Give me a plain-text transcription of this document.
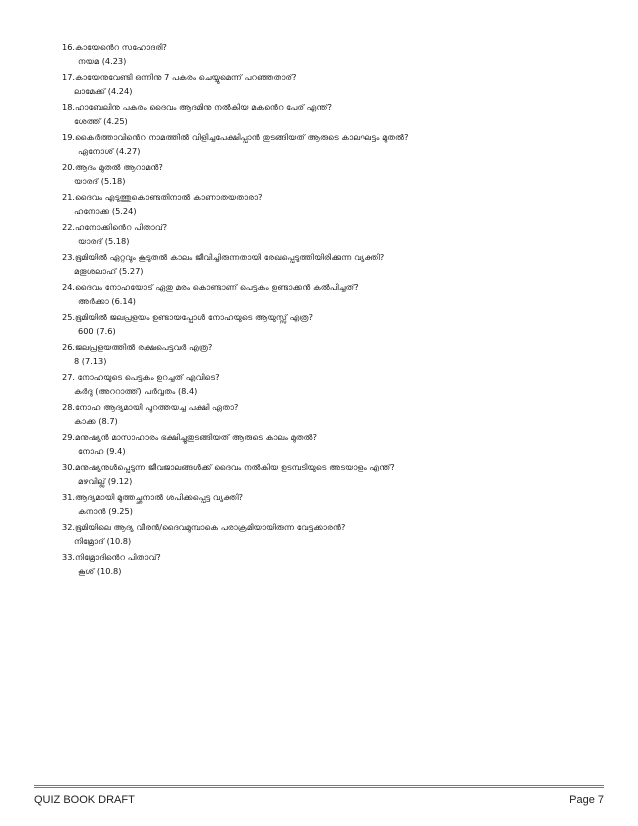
16.കായേൻെറ സഹോദരി?
നയമ (4.23)
17.കായേനുവേണ്ടി ഒന്നിനു 7 പകരം ചെയ്യുമെന്ന് പറഞ്ഞതാര്?
ലാമേക്ക് (4.24)
18.ഹാബേലിനു പകരം ദൈവം ആദമിനു നൽകിയ മകൻെറ പേര് എന്ത്?
ശേത്ത് (4.25)
19.കൈർത്താവിൻെറ നാമത്തിൽ വിളിച്ചപേക്ഷിപ്പാൻ തുടങ്ങിയത് ആരുടെ കാലഘട്ടം മുതൽ?
ഏനോശ് (4.27)
20.ആദം മുതൽ ആറാമൻ?
യാരദ് (5.18)
21.ദൈവം എടുത്തുകൊണ്ടതിനാൽ കാണാതയതാരാ?
ഹനോക്ക (5.24)
22.ഹനോക്കിൻെറ പിതാവ്?
യാരദ് (5.18)
23.ഭൂമിയിൽ ഏറ്റവും കൂടുതൽ കാലം ജീവിച്ചിരുന്നതായി രേഖപ്പെടുത്തിയിരിക്കുന്ന വ്യക്തി?
മതൂശലാഹ് (5.27)
24.ദൈവം നോഹയോട് ഏതു മരം കൊണ്ടാണ് പെട്ടകം ഉണ്ടാക്കൻ കൽപിച്ചത്?
അർക്കാ (6.14)
25.ഭൂമിയിൽ ജലപ്രളയം ഉണ്ടായപ്പോൾ നോഹയുടെ ആയുസ്സ് എത്ര?
600 (7.6)
26.ജലപ്രളയത്തിൽ രക്ഷപെട്ടവർ എത്ര?
8 (7.13)
27. നോഹയുടെ പെട്ടകം ഉറച്ചത് എവിടെ?
കർദു (അററാത്ത്) പർവ്വതം (8.4)
28.നോഹ ആദ്യമായി പുറത്തയച്ച പക്ഷി ഏതാ?
കാക്ക (8.7)
29.മനുഷ്യൻ മാസാഹാരം ഭക്ഷിച്ചുതുടങ്ങിയത് ആരുടെ കാലം മുതൽ?
നോഹ (9.4)
30.മനുഷ്യനുൾപ്പെടുന്ന ജീവജാലങ്ങൾക്ക് ദൈവം നൽകിയ ഉടമ്പടിയുടെ അടയാളം എന്ത്?
മഴവില്ല് (9.12)
31.ആദ്യമായി മുത്തച്ഛനാൽ ശപിക്കപ്പെട്ട വ്യക്തി?
കനാൻ (9.25)
32.ഭൂമിയിലെ ആദ്യ വീരൻ/ദൈവമുമ്പാകെ പരാക്രമിയായിരുന്ന വേട്ടക്കാരൻ?
നിമ്രോദ് (10.8)
33.നിമ്രോദിൻെറ പിതാവ്?
കൂശ് (10.8)
QUIZ BOOK DRAFT	Page 7
